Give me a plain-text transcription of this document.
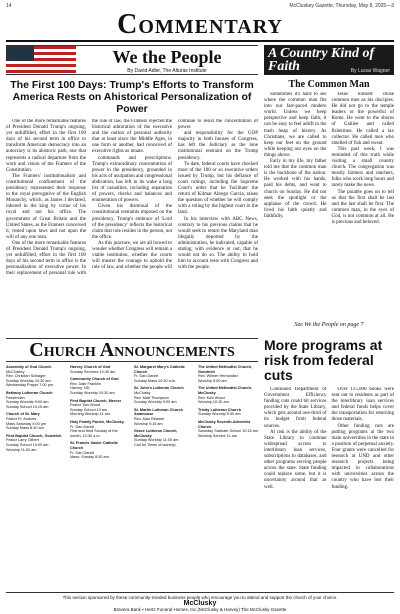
14	McCluskey Gazette, Thursday, May 8, 2025—3
Commentary
We the People
By David Adler, The Alturas Institute
The First 100 Days: Trump's Efforts to Transform America Rests on Ahistorical Personalization of Power

One of the more remarkable features of President Donald Trump's ongoing, yet unfulfilled, effort in the first 100 days of his second term in office to transform American democracy into an autocracy is its ahistoric path, one that represents a radical departure from the work and vision of the Framers of the Constitution.

The Framers' institutionalism and constitutional confinement of the presidency represented their response to the royal prerogative of the English Monarchy, which, as James I declared, inhered in the king by virtue of his royal and not his office. The government of Great Britain and the United States, as the Framers conceived it, rested upon laws and not upon the will of any one man.

One of the more remarkable features of President Donald Trump's ongoing, yet unfulfilled, effort in the first 100 days of his second term in office is the personalization of executive power. In their replacement of personal rule with the rule of law, the Framers rejected the historical admiration of the executive and the notion of personal authority that at least since the Middle Ages, in one form or another, had conceived of executive rights as innate.

commands and prescriptions. Trump's extraordinary concentration of power in the presidency, grounded in his acts of usurpation and congressional abdication, has left in its wake a long list of casualties, including separation of powers, checks and balances and enumeration of powers.

Given his dismissal of the constitutional restraints imposed on the presidency, Trump's embrace of 'Lord of the presidency' reflects the historical claim that rule resides in the person, not the office.

As this juncture, we are all bowed to wonder whether Congress will remain a viable institution, whether the courts will muster the courage to uphold the rule of law, and whether the people will continue to resist the concentration of power.

and responsibility for the GOP majority in both houses of Congress, has left the Judiciary as the lone institutional restraint on the Trump presidency.

To date, federal courts have checked most of the 100 or so executive orders issued by Trump, but his defiance of court rulings, including the Supreme Court's order that he 'facilitate' the return of Kilmar Abrego Garcia, raises the question of whether he will comply with a ruling by the highest court in the land.

In his interview with ABC News, contrary to his previous claims that he would seek to return the Maryland man illegally deported by the administration, he indicated, capable of stating, with evidence or not, that he would not do so. The ability to hold him to account rests with Congress and with the people.

A Country Kind of Faith	By Lucas Wagner
The Common Man

Sometimes it's hard to see where the common man fits into our fast-paced modern world. Unless we keep perspective and keep faith, it can be easy to feel adrift in the trash heap of history. As Christians, we are called to keep our feet on the ground while keeping our eyes on the things above.

Early in my life, my father told me that the common man is the backbone of the nation. He worked with his hands, paid his debts, and went to church on Sunday. He did not seek the spotlight or the applause of the crowd. He lived his faith quietly and faithfully.

Jesus himself chose common men as his disciples. He did not go to the temple leaders or the powerful of Rome. He went to the shores of Galilee and called fishermen. He called a tax collector. He called men who smelled of fish and sweat.

This past week, I was reminded of this truth while visiting a small country church. The congregation was mostly farmers and ranchers, folks who work long hours and rarely make the news.

The parable goes on to tell us that the first shall be last and the last shall be first. The common man, in the eyes of God, is not common at all. He is precious and beloved.

See We the People on page 7
Church Announcements
Assembly of God Church
McCluskey
Rev. Christian Schlager
Sunday Worship 10:30 am
Wednesday Prayer 7:00 pm
Bethany Lutheran Church
Fessenden
Sunday Worship 9:00 am
Sunday School 10:15 am
Church of St. Mary
Pastor Fr. Andrew
Mass Saturday 5:00 pm
Sunday Mass 8:30 am
First Baptist Church, Goodrich
Pastor Larry Gilbert
Sunday School 10:00 am
Worship 11:00 am
Harvey Church of God
Sunday Services 10:30 am
Community Church of God
Rev. Dale Franklin
Harvey, ND
Sunday Worship 10:30 am
First Baptist Church, Mercer
Pastor Tom Wood
Sunday School 10 am
Morning Worship 11 am
Holy Family Parish, McClusky
Fr. Dan Daniel
First and third Sunday of the month, 10:30 a.m.
St. Francis Xavier Catholic Church
Fr. Dan Daniel
Mass: Sunday 8:30 am
St. Margaret Mary's Catholic Church
Fr. Dan Daniel
Sunday Mass 10:30 a.m.
St. John's Lutheran Church
McClusky
Rev. Matt Thompson
Sunday Worship 9:00 am
St. Martin Lutheran Church Anamoose
Rev. Alan Reamer
Worship 9:15 am
Grace Lutheran Church, McClusky
Sunday Worship 11:00 am
Call for Times of worship
The United Methodist Church, Goodrich
Rev. Wilmer Hernandez
Worship 9:00 am
The United Methodist Church, McClusky
Rev. Kelli Wood
Worship 10:30 am
Trinity Lutheran Church
Sunday Worship 9:30 am
McClusky Seventh-Adventist Church
Saturday Sabbath School 10:15 am
Worship Service 11 am
More programs at risk from federal cuts

Continued Department of Government Efficiency funding cuts could hit services provided by the State Library, which gets around one-third of its budget from federal sources.

At risk is the ability of the State Library to continue widespread access to interlibrary loan services, subscriptions to databases, and other programs serving people across the state. State funding could replace some, but it is uncertainty around that as well.

Over 115,000 books were sent out to residents as part of the interlibrary loan services and federal funds helps cover the transportation for returning those materials.

Other funding cuts are putting programs at the two main universities in the state in a position of perpetual anxiety. Four grants were cancelled for research at UND and other research projects being impacted in collaborations with universities across the country who have lost their funding.

This section sponsored by these community-minded business people who encourage you to attend and support the church of your choice.
McClusky
Bravera Bank • Hertz Funeral Homes, Inc.(McClusky & Harvey) The McClusky Gazette
